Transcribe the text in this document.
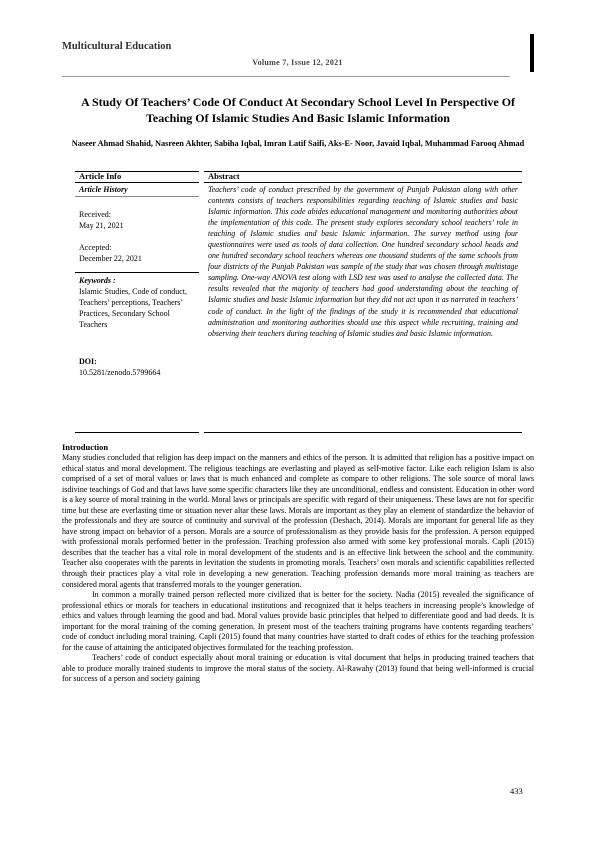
Multicultural Education
Volume 7, Issue 12, 2021
A Study Of Teachers’ Code Of Conduct At Secondary School Level In Perspective Of Teaching Of Islamic Studies And Basic Islamic Information
Naseer Ahmad Shahid, Nasreen Akhter, Sabiha Iqbal, Imran Latif Saifi, Aks-E- Noor, Javaid Iqbal, Muhammad Farooq Ahmad
Article Info	Abstract
Article History
Received:
May 21, 2021
Accepted:
December 22, 2021
Keywords :
Islamic Studies, Code of conduct, Teachers’ perceptions, Teachers’ Practices, Secondary School Teachers
DOI:
10.5281/zenodo.5799664
Teachers’ code of conduct prescribed by the government of Punjab Pakistan along with other contents consists of teachers responsibilities regarding teaching of Islamic studies and basic Islamic information. This code abides educational management and monitoring authorities about the implementation of this code. The present study explores secondary school teachers’ role in teaching of Islamic studies and basic Islamic information. The survey method using four questionnaires were used as tools of data collection. One hundred secondary school heads and one hundred secondary school teachers whereas one thousand students of the same schools from four districts of the Punjab Pakistan was sample of the study that was chosen through multistage sampling. One-way ANOVA test along with LSD test was used to analyse the collected data. The results revealed that the majority of teachers had good understanding about the teaching of Islamic studies and basic Islamic information but they did not act upon it as narrated in teachers’ code of conduct. In the light of the findings of the study it is recommended that educational administration and monitoring authorities should use this aspect while recruiting, training and observing their teachers during teaching of Islamic studies and basic Islamic information.
Introduction

Many studies concluded that religion has deep impact on the manners and ethics of the person. It is admitted that religion has a positive impact on ethical status and moral development. The religious teachings are everlasting and played as self-motive factor. Like each religion Islam is also comprised of a set of moral values or laws that is much enhanced and complete as compare to other religions. The sole source of moral laws isdivine teachings of God and that laws have some specific characters like they are unconditional, endless and consistent. Education in other word is a key source of moral training in the world. Moral laws or principals are specific with regard of their uniqueness. These laws are not for specific time but these are everlasting time or situation never altar these laws. Morals are important as they play an element of standardize the behavior of the professionals and they are source of continuity and survival of the profession (Deshach, 2014). Morals are important for general life as they have strong impact on behavior of a person. Morals are a source of professionalism as they provide basis for the profession. A person equipped with professional morals performed better in the profession. Teaching profession also armed with some key professional morals. Capli (2015) describes that the teacher has a vital role in moral development of the students and is an effective link between the school and the community. Teacher also cooperates with the parents in levitation the students in promoting morals. Teachers’ own morals and scientific capabilities reflected through their practices play a vital role in developing a new generation. Teaching profession demands more moral training as teachers are considered moral agents that transferred morals to the younger generation.

In common a morally trained person reflected more civilized that is better for the society. Nadia (2015) revealed the significance of professional ethics or morals for teachers in educational institutions and recognized that it helps teachers in increasing people’s knowledge of ethics and values through learning the good and bad. Moral values provide basic principles that helped to differentiate good and bad deeds. It is important for the moral training of the coming generation. In present most of the teachers training programs have contents regarding teachers’ code of conduct including moral training. Capli (2015) found that many countries have started to draft codes of ethics for the teaching profession for the cause of attaining the anticipated objectives formulated for the teaching profession.

Teachers’ code of conduct especially about moral training or education is vital document that helps in producing trained teachers that able to produce morally trained students to improve the moral status of the society. Al-Rawahy (2013) found that being well-informed is crucial for success of a person and society gaining

433
